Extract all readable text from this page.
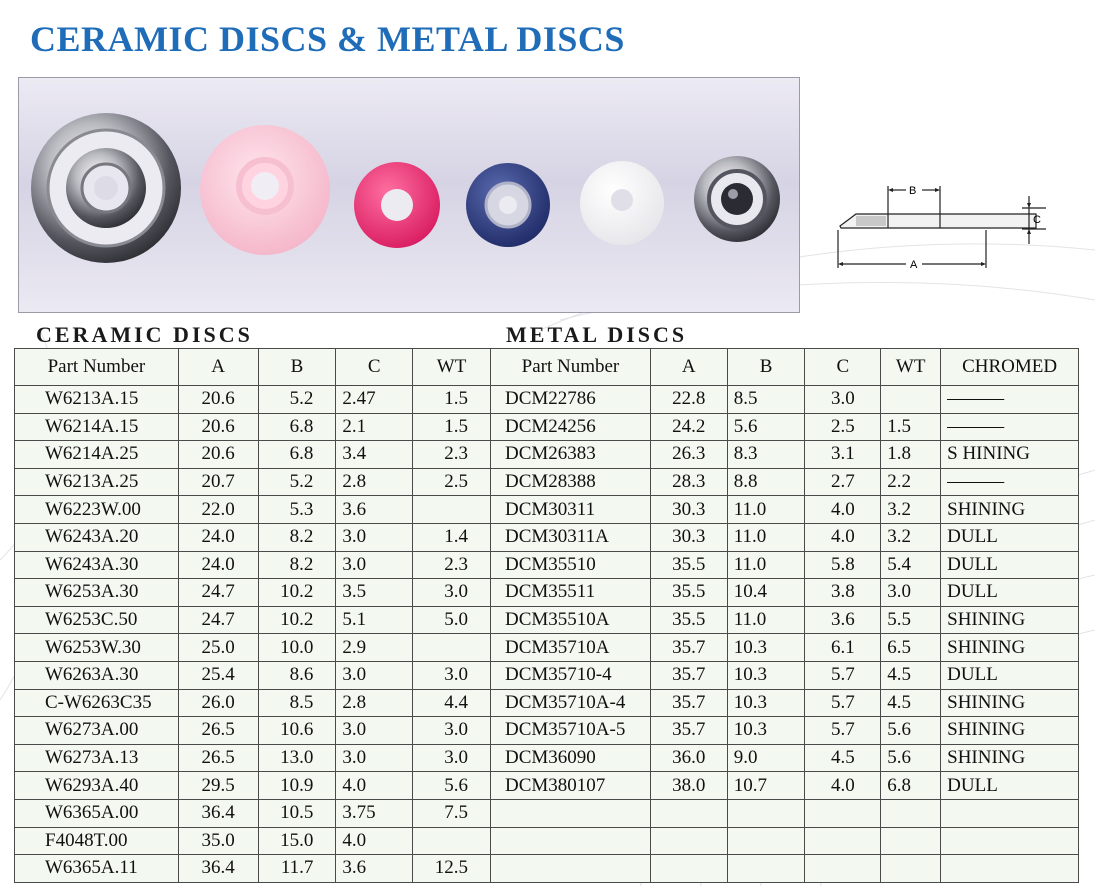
CERAMIC DISCS & METAL DISCS
B
A
C
CERAMIC DISCS	METAL DISCS
Part Number	A	B	C	WT
W6213A.15	20.6	5.2	2.47	1.5
W6214A.15	20.6	6.8	2.1	1.5
W6214A.25	20.6	6.8	3.4	2.3
W6213A.25	20.7	5.2	2.8	2.5
W6223W.00	22.0	5.3	3.6	
W6243A.20	24.0	8.2	3.0	1.4
W6243A.30	24.0	8.2	3.0	2.3
W6253A.30	24.7	10.2	3.5	3.0
W6253C.50	24.7	10.2	5.1	5.0
W6253W.30	25.0	10.0	2.9	
W6263A.30	25.4	8.6	3.0	3.0
C-W6263C35	26.0	8.5	2.8	4.4
W6273A.00	26.5	10.6	3.0	3.0
W6273A.13	26.5	13.0	3.0	3.0
W6293A.40	29.5	10.9	4.0	5.6
W6365A.00	36.4	10.5	3.75	7.5
F4048T.00	35.0	15.0	4.0	
W6365A.11	36.4	11.7	3.6	12.5
Part Number	A	B	C	WT	CHROMED
DCM22786	22.8	8.5	3.0		———
DCM24256	24.2	5.6	2.5	1.5	———
DCM26383	26.3	8.3	3.1	1.8	S HINING
DCM28388	28.3	8.8	2.7	2.2	———
DCM30311	30.3	11.0	4.0	3.2	SHINING
DCM30311A	30.3	11.0	4.0	3.2	DULL
DCM35510	35.5	11.0	5.8	5.4	DULL
DCM35511	35.5	10.4	3.8	3.0	DULL
DCM35510A	35.5	11.0	3.6	5.5	SHINING
DCM35710A	35.7	10.3	6.1	6.5	SHINING
DCM35710-4	35.7	10.3	5.7	4.5	DULL
DCM35710A-4	35.7	10.3	5.7	4.5	SHINING
DCM35710A-5	35.7	10.3	5.7	5.6	SHINING
DCM36090	36.0	9.0	4.5	5.6	SHINING
DCM380107	38.0	10.7	4.0	6.8	DULL
